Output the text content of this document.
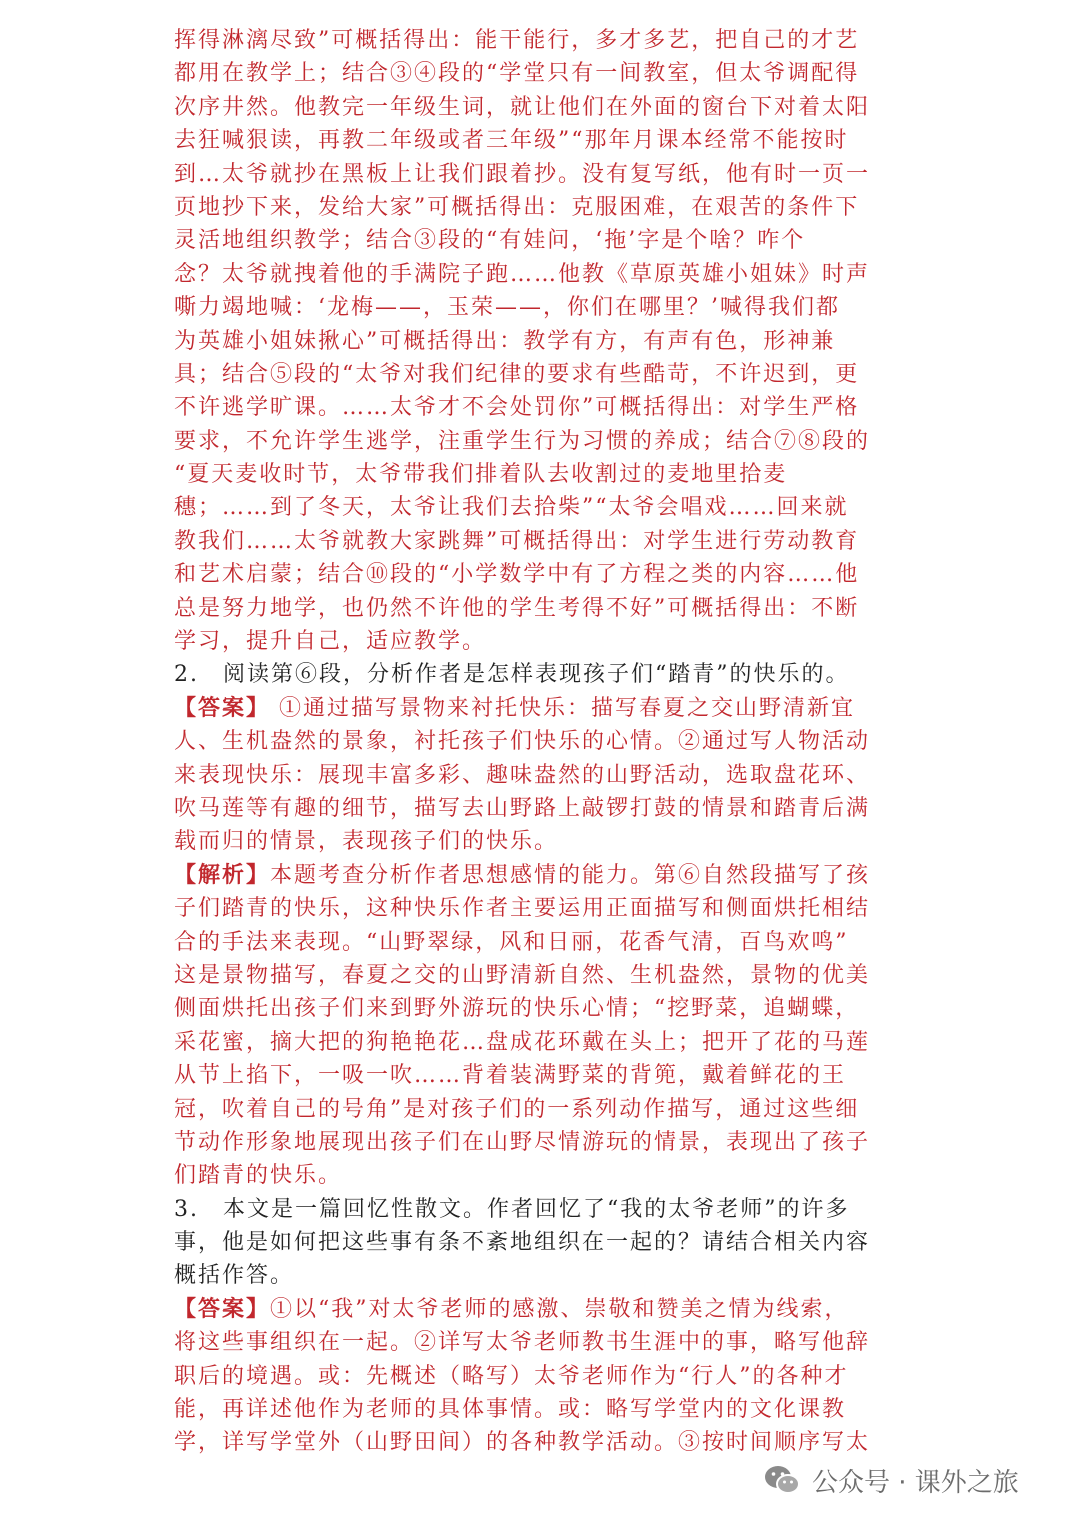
挥得淋漓尽致”可概括得出：能干能行，多才多艺，把自己的才艺
都用在教学上；结合③④段的“学堂只有一间教室，但太爷调配得
次序井然。他教完一年级生词，就让他们在外面的窗台下对着太阳
去狂喊狠读，再教二年级或者三年级”“那年月课本经常不能按时
到…太爷就抄在黑板上让我们跟着抄。没有复写纸，他有时一页一
页地抄下来，发给大家”可概括得出：克服困难，在艰苦的条件下
灵活地组织教学；结合③段的“有娃问，‘拖’字是个啥？咋个
念？太爷就拽着他的手满院子跑……他教《草原英雄小姐妹》时声
嘶力竭地喊：‘龙梅——，玉荣——，你们在哪里？’喊得我们都
为英雄小姐妹揪心”可概括得出：教学有方，有声有色，形神兼
具；结合⑤段的“太爷对我们纪律的要求有些酷苛，不许迟到，更
不许逃学旷课。……太爷才不会处罚你”可概括得出：对学生严格
要求，不允许学生逃学，注重学生行为习惯的养成；结合⑦⑧段的
“夏天麦收时节，太爷带我们排着队去收割过的麦地里拾麦
穗；……到了冬天，太爷让我们去拾柴”“太爷会唱戏……回来就
教我们……太爷就教大家跳舞”可概括得出：对学生进行劳动教育
和艺术启蒙；结合⑩段的“小学数学中有了方程之类的内容……他
总是努力地学，也仍然不许他的学生考得不好”可概括得出：不断
学习，提升自己，适应教学。
2.　阅读第⑥段，分析作者是怎样表现孩子们“踏青”的快乐的。
【答案】 ①通过描写景物来衬托快乐：描写春夏之交山野清新宜
人、生机盎然的景象，衬托孩子们快乐的心情。②通过写人物活动
来表现快乐：展现丰富多彩、趣味盎然的山野活动，选取盘花环、
吹马莲等有趣的细节，描写去山野路上敲锣打鼓的情景和踏青后满
载而归的情景，表现孩子们的快乐。
【解析】本题考查分析作者思想感情的能力。第⑥自然段描写了孩
子们踏青的快乐，这种快乐作者主要运用正面描写和侧面烘托相结
合的手法来表现。“山野翠绿，风和日丽，花香气清，百鸟欢鸣”
这是景物描写，春夏之交的山野清新自然、生机盎然，景物的优美
侧面烘托出孩子们来到野外游玩的快乐心情；“挖野菜，追蝴蝶，
采花蜜，摘大把的狗艳艳花…盘成花环戴在头上；把开了花的马莲
从节上掐下，一吸一吹……背着装满野菜的背篼，戴着鲜花的王
冠，吹着自己的号角”是对孩子们的一系列动作描写，通过这些细
节动作形象地展现出孩子们在山野尽情游玩的情景，表现出了孩子
们踏青的快乐。
3.　本文是一篇回忆性散文。作者回忆了“我的太爷老师”的许多
事，他是如何把这些事有条不紊地组织在一起的？请结合相关内容
概括作答。
【答案】①以“我”对太爷老师的感激、崇敬和赞美之情为线索，
将这些事组织在一起。②详写太爷老师教书生涯中的事，略写他辞
职后的境遇。或：先概述（略写）太爷老师作为“行人”的各种才
能，再详述他作为老师的具体事情。或：略写学堂内的文化课教
学，详写学堂外（山野田间）的各种教学活动。③按时间顺序写太
公众号 · 课外之旅
